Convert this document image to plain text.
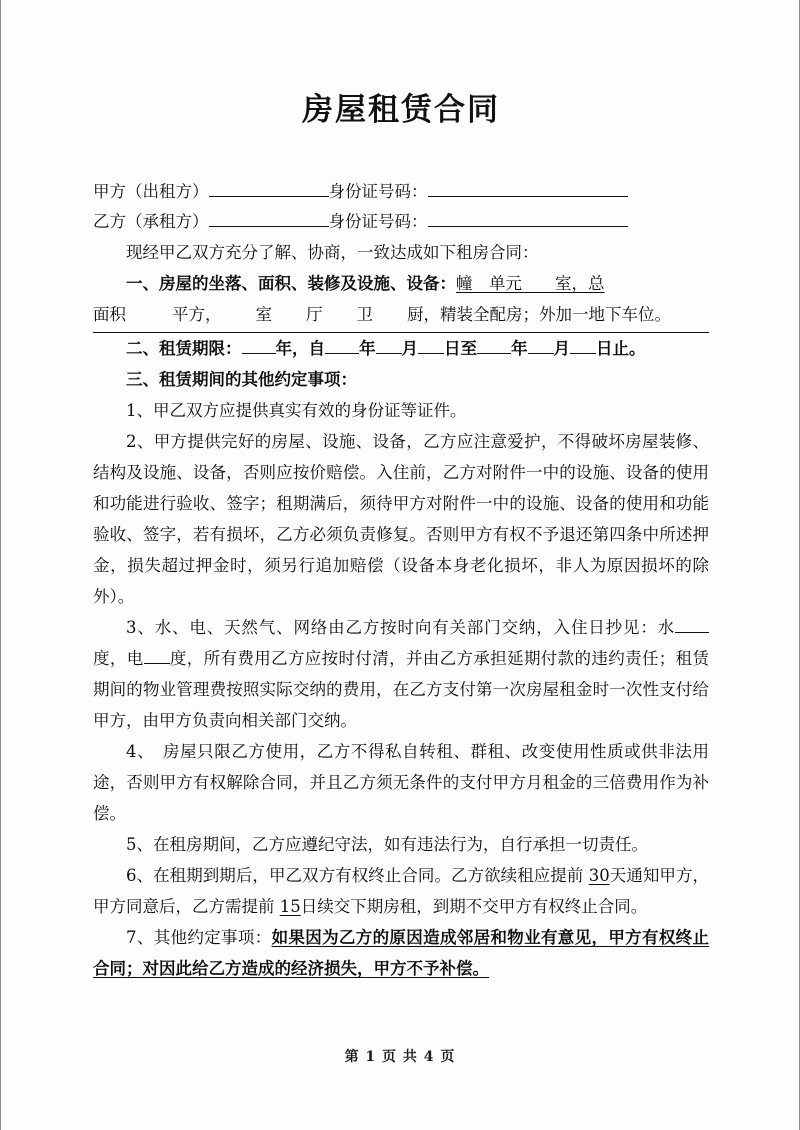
房屋租赁合同
甲方（出租方）	身份证号码：
乙方（承租方）	身份证号码：

现经甲乙双方充分了解、协商，一致达成如下租房合同：

一、房屋的坐落、面积、装修及设施、设备：幢　单元　　室，总

面积	平方， 室 厅 卫 厨，精装全配房；外加一地下车位。

二、租赁期限： 年，自 年 月 日至 年 月 日止。

三、租赁期间的其他约定事项：

1、甲乙双方应提供真实有效的身份证等证件。

2、甲方提供完好的房屋、设施、设备，乙方应注意爱护，不得破坏房屋装修、结构及设施、设备，否则应按价赔偿。入住前，乙方对附件一中的设施、设备的使用和功能进行验收、签字；租期满后，须待甲方对附件一中的设施、设备的使用和功能验收、签字，若有损坏，乙方必须负责修复。否则甲方有权不予退还第四条中所述押金，损失超过押金时，须另行追加赔偿（设备本身老化损坏，非人为原因损坏的除外）。

3、水、电、天然气、网络由乙方按时向有关部门交纳，入住日抄见：水度，电 度，所有费用乙方应按时付清，并由乙方承担延期付款的违约责任；租赁期间的物业管理费按照实际交纳的费用，在乙方支付第一次房屋租金时一次性支付给甲方，由甲方负责向相关部门交纳。

4、　房屋只限乙方使用，乙方不得私自转租、群租、改变使用性质或供非法用途，否则甲方有权解除合同，并且乙方须无条件的支付甲方月租金的三倍费用作为补偿。

5、在租房期间，乙方应遵纪守法，如有违法行为，自行承担一切责任。

6、在租期到期后，甲乙双方有权终止合同。乙方欲续租应提前 30天通知甲方，甲方同意后，乙方需提前 15日续交下期房租，到期不交甲方有权终止合同。

7、其他约定事项：如果因为乙方的原因造成邻居和物业有意见，甲方有权终止合同；对因此给乙方造成的经济损失，甲方不予补偿。

第 1 页 共 4 页
